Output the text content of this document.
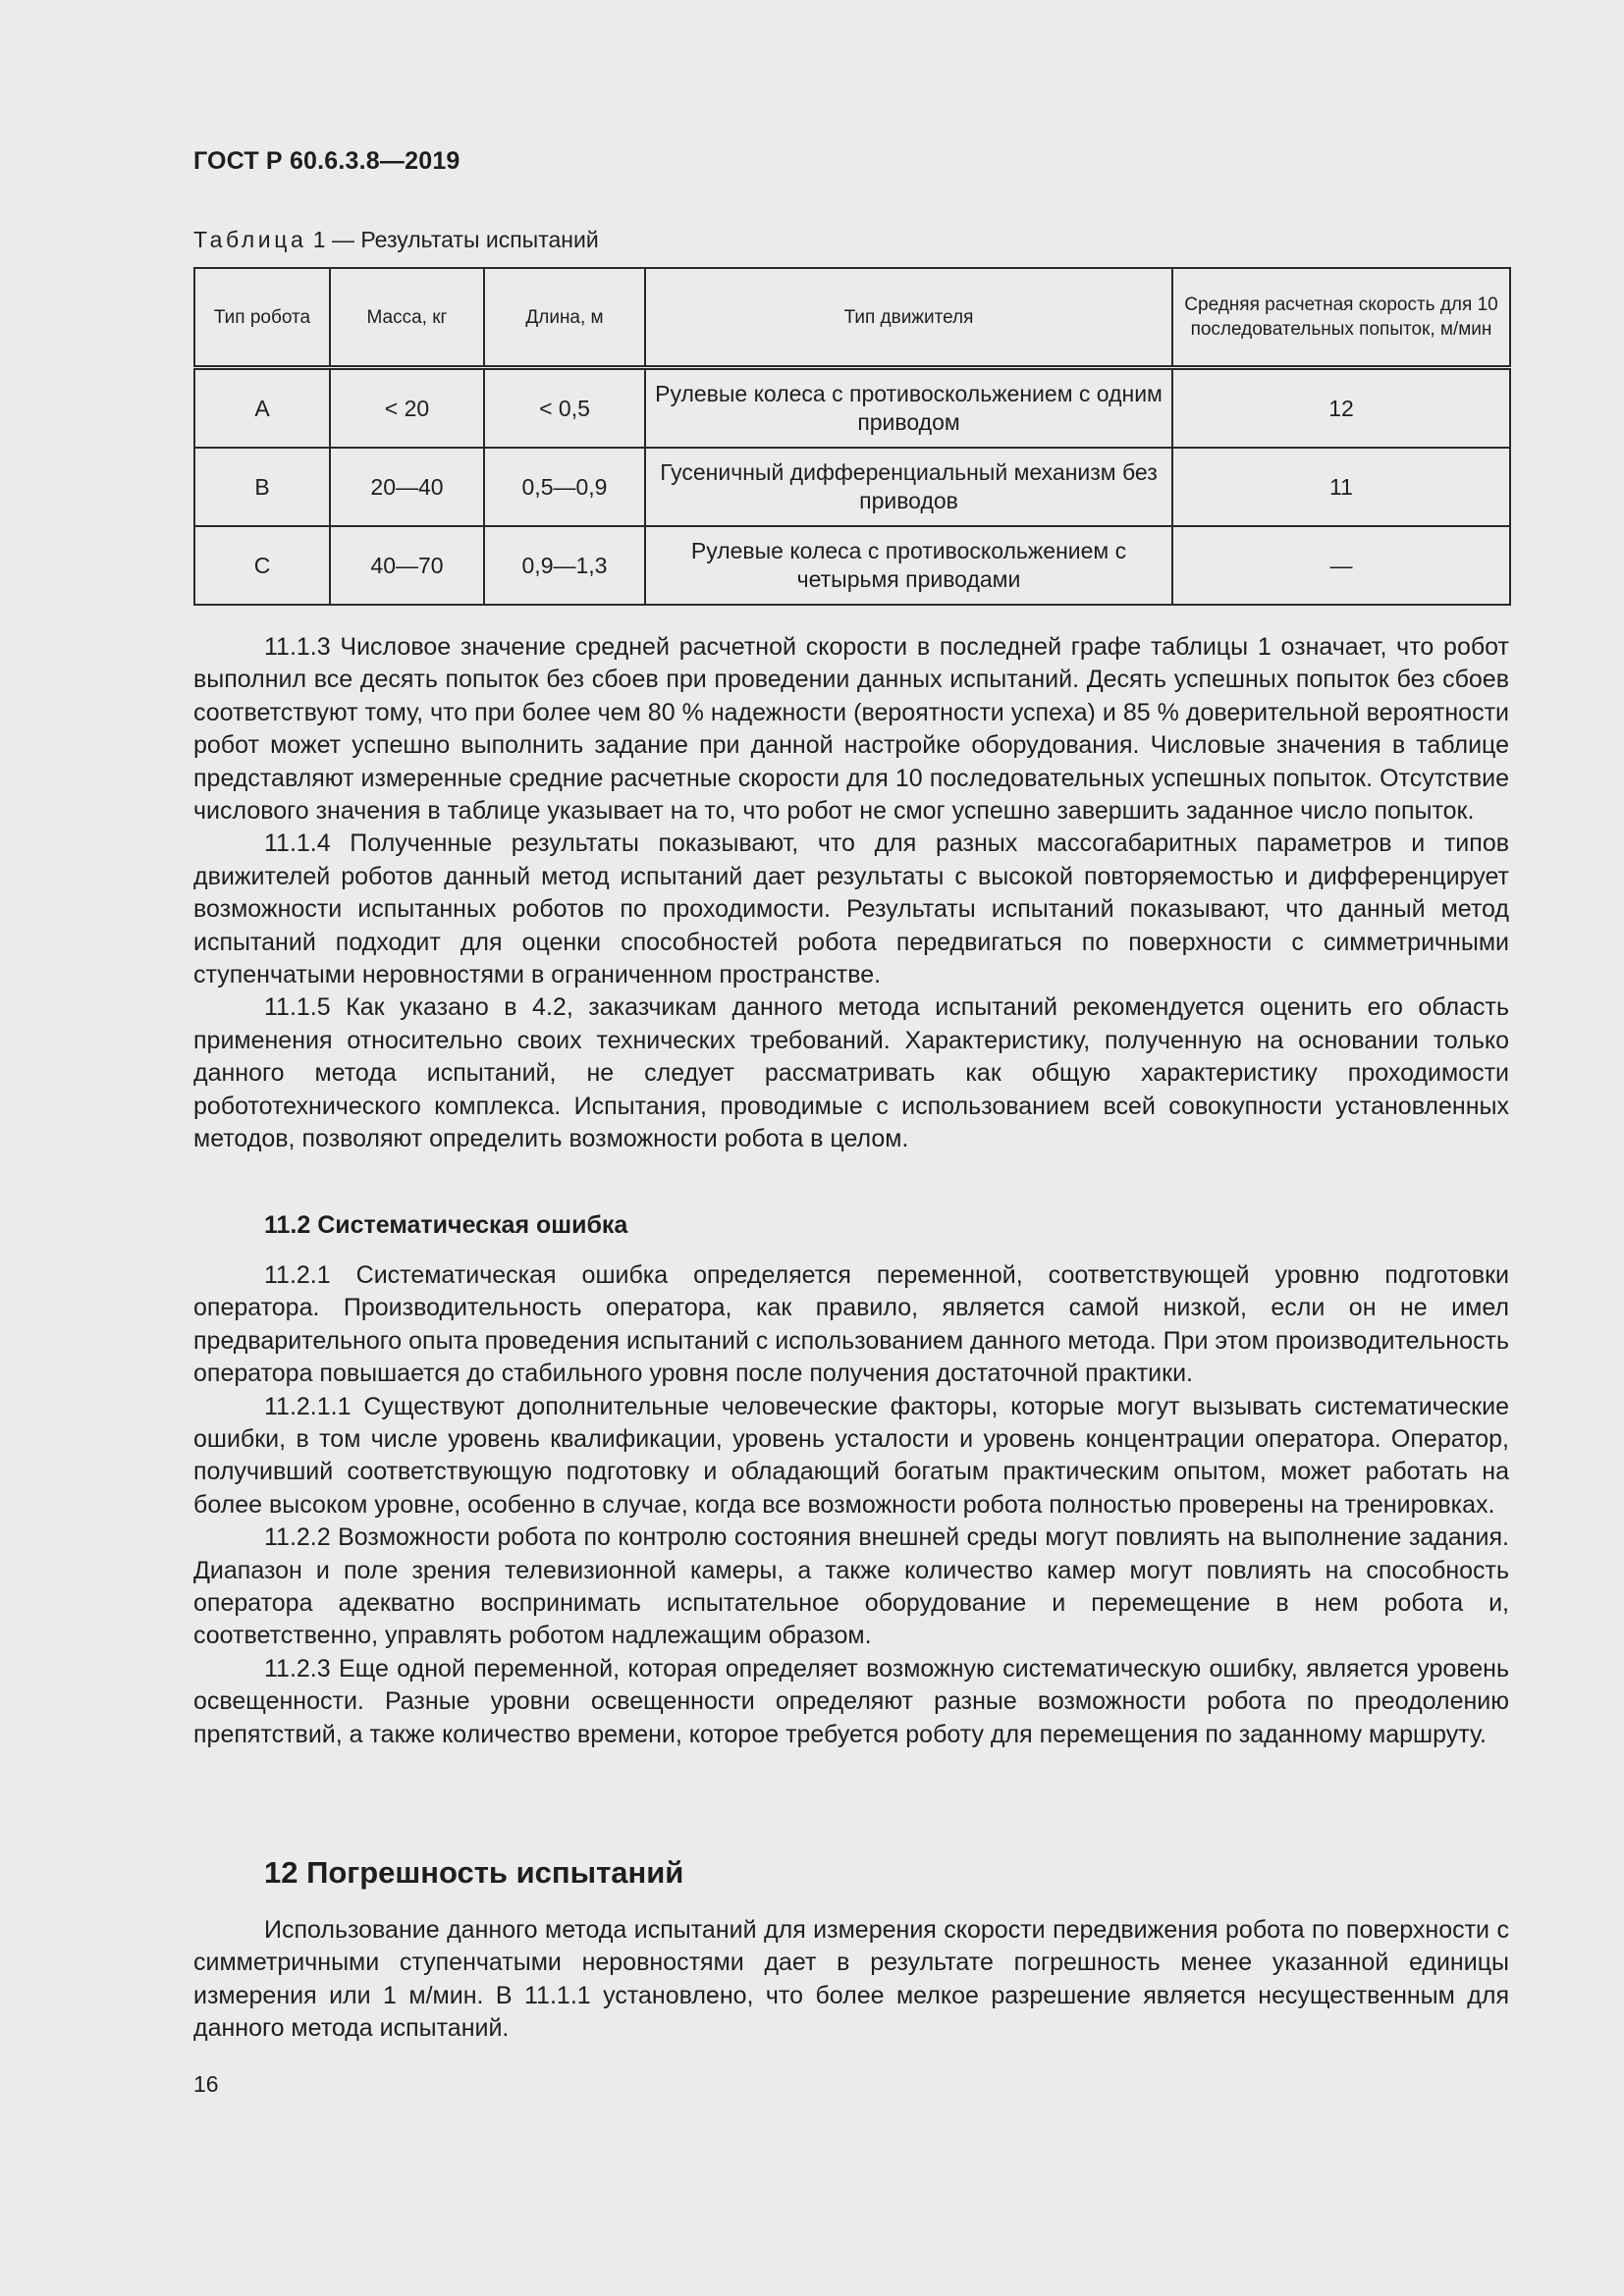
ГОСТ Р 60.6.3.8—2019
Таблица 1 — Результаты испытаний
Тип робота	Масса, кг	Длина, м	Тип движителя	Средняя расчетная скорость для 10 последовательных попыток, м/мин
A	< 20	< 0,5	Рулевые колеса с противоскольжением с одним приводом	12
B	20—40	0,5—0,9	Гусеничный дифференциальный механизм без приводов	11
C	40—70	0,9—1,3	Рулевые колеса с противоскольжением с четырьмя приводами	—

11.1.3 Числовое значение средней расчетной скорости в последней графе таблицы 1 означает, что робот выполнил все десять попыток без сбоев при проведении данных испытаний. Десять успешных попыток без сбоев соответствуют тому, что при более чем 80 % надежности (вероятности успеха) и 85 % доверительной вероятности робот может успешно выполнить задание при данной настройке оборудования. Числовые значения в таблице представляют измеренные средние расчетные скорости для 10 последовательных успешных попыток. Отсутствие числового значения в таблице указывает на то, что робот не смог успешно завершить заданное число попыток.

11.1.4 Полученные результаты показывают, что для разных массогабаритных параметров и типов движителей роботов данный метод испытаний дает результаты с высокой повторяемостью и дифференцирует возможности испытанных роботов по проходимости. Результаты испытаний показывают, что данный метод испытаний подходит для оценки способностей робота передвигаться по поверхности с симметричными ступенчатыми неровностями в ограниченном пространстве.

11.1.5 Как указано в 4.2, заказчикам данного метода испытаний рекомендуется оценить его область применения относительно своих технических требований. Характеристику, полученную на основании только данного метода испытаний, не следует рассматривать как общую характеристику проходимости робототехнического комплекса. Испытания, проводимые с использованием всей совокупности установленных методов, позволяют определить возможности робота в целом.

11.2 Систематическая ошибка

11.2.1 Систематическая ошибка определяется переменной, соответствующей уровню подготовки оператора. Производительность оператора, как правило, является самой низкой, если он не имел предварительного опыта проведения испытаний с использованием данного метода. При этом производительность оператора повышается до стабильного уровня после получения достаточной практики.

11.2.1.1 Существуют дополнительные человеческие факторы, которые могут вызывать систематические ошибки, в том числе уровень квалификации, уровень усталости и уровень концентрации оператора. Оператор, получивший соответствующую подготовку и обладающий богатым практическим опытом, может работать на более высоком уровне, особенно в случае, когда все возможности робота полностью проверены на тренировках.

11.2.2 Возможности робота по контролю состояния внешней среды могут повлиять на выполнение задания. Диапазон и поле зрения телевизионной камеры, а также количество камер могут повлиять на способность оператора адекватно воспринимать испытательное оборудование и перемещение в нем робота и, соответственно, управлять роботом надлежащим образом.

11.2.3 Еще одной переменной, которая определяет возможную систематическую ошибку, является уровень освещенности. Разные уровни освещенности определяют разные возможности робота по преодолению препятствий, а также количество времени, которое требуется роботу для перемещения по заданному маршруту.

12 Погрешность испытаний

Использование данного метода испытаний для измерения скорости передвижения робота по поверхности с симметричными ступенчатыми неровностями дает в результате погрешность менее указанной единицы измерения или 1 м/мин. В 11.1.1 установлено, что более мелкое разрешение является несущественным для данного метода испытаний.

16
